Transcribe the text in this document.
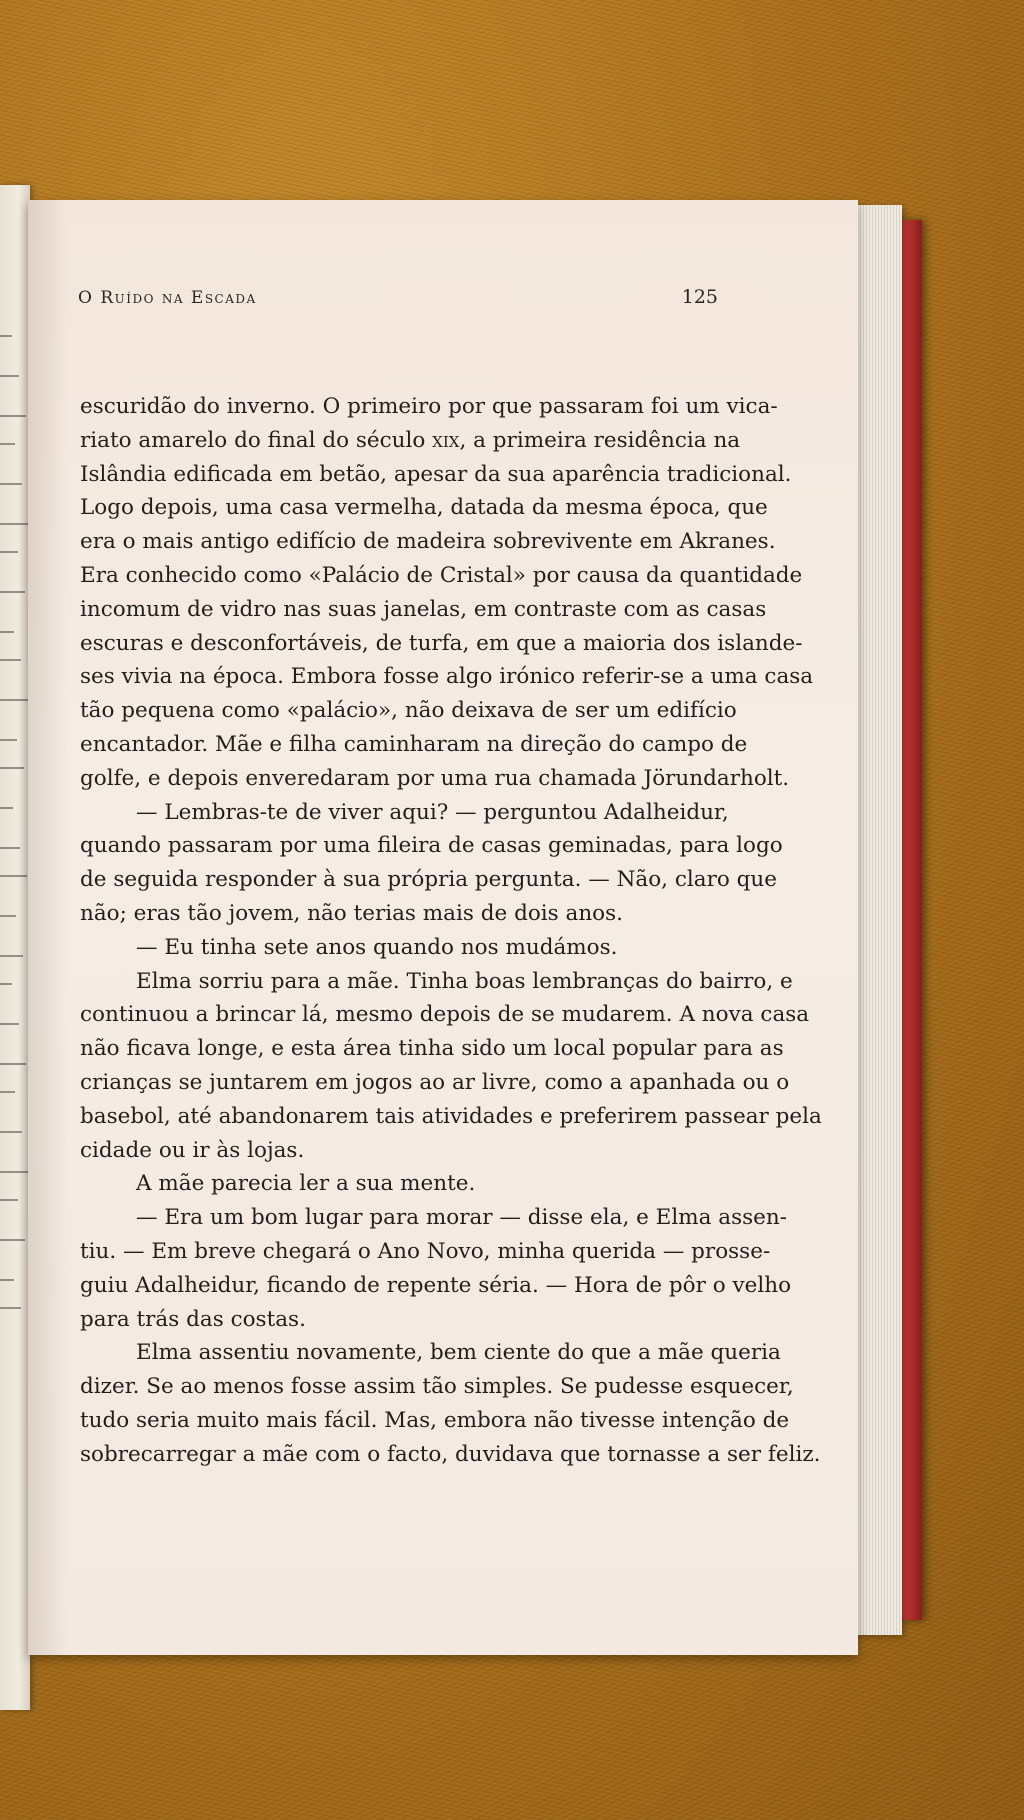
O Ruído na Escada	125
escuridão do inverno. O primeiro por que passaram foi um vica-
riato amarelo do final do século xix, a primeira residência na
Islândia edificada em betão, apesar da sua aparência tradicional.
Logo depois, uma casa vermelha, datada da mesma época, que
era o mais antigo edifício de madeira sobrevivente em Akranes.
Era conhecido como «Palácio de Cristal» por causa da quantidade
incomum de vidro nas suas janelas, em contraste com as casas
escuras e desconfortáveis, de turfa, em que a maioria dos islande-
ses vivia na época. Embora fosse algo irónico referir-se a uma casa
tão pequena como «palácio», não deixava de ser um edifício
encantador. Mãe e filha caminharam na direção do campo de
golfe, e depois enveredaram por uma rua chamada Jörundarholt.
— Lembras-te de viver aqui? — perguntou Adalheidur,
quando passaram por uma fileira de casas geminadas, para logo
de seguida responder à sua própria pergunta. — Não, claro que
não; eras tão jovem, não terias mais de dois anos.
— Eu tinha sete anos quando nos mudámos.
Elma sorriu para a mãe. Tinha boas lembranças do bairro, e
continuou a brincar lá, mesmo depois de se mudarem. A nova casa
não ficava longe, e esta área tinha sido um local popular para as
crianças se juntarem em jogos ao ar livre, como a apanhada ou o
basebol, até abandonarem tais atividades e preferirem passear pela
cidade ou ir às lojas.
A mãe parecia ler a sua mente.
— Era um bom lugar para morar — disse ela, e Elma assen-
tiu. — Em breve chegará o Ano Novo, minha querida — prosse-
guiu Adalheidur, ficando de repente séria. — Hora de pôr o velho
para trás das costas.
Elma assentiu novamente, bem ciente do que a mãe queria
dizer. Se ao menos fosse assim tão simples. Se pudesse esquecer,
tudo seria muito mais fácil. Mas, embora não tivesse intenção de
sobrecarregar a mãe com o facto, duvidava que tornasse a ser feliz.
